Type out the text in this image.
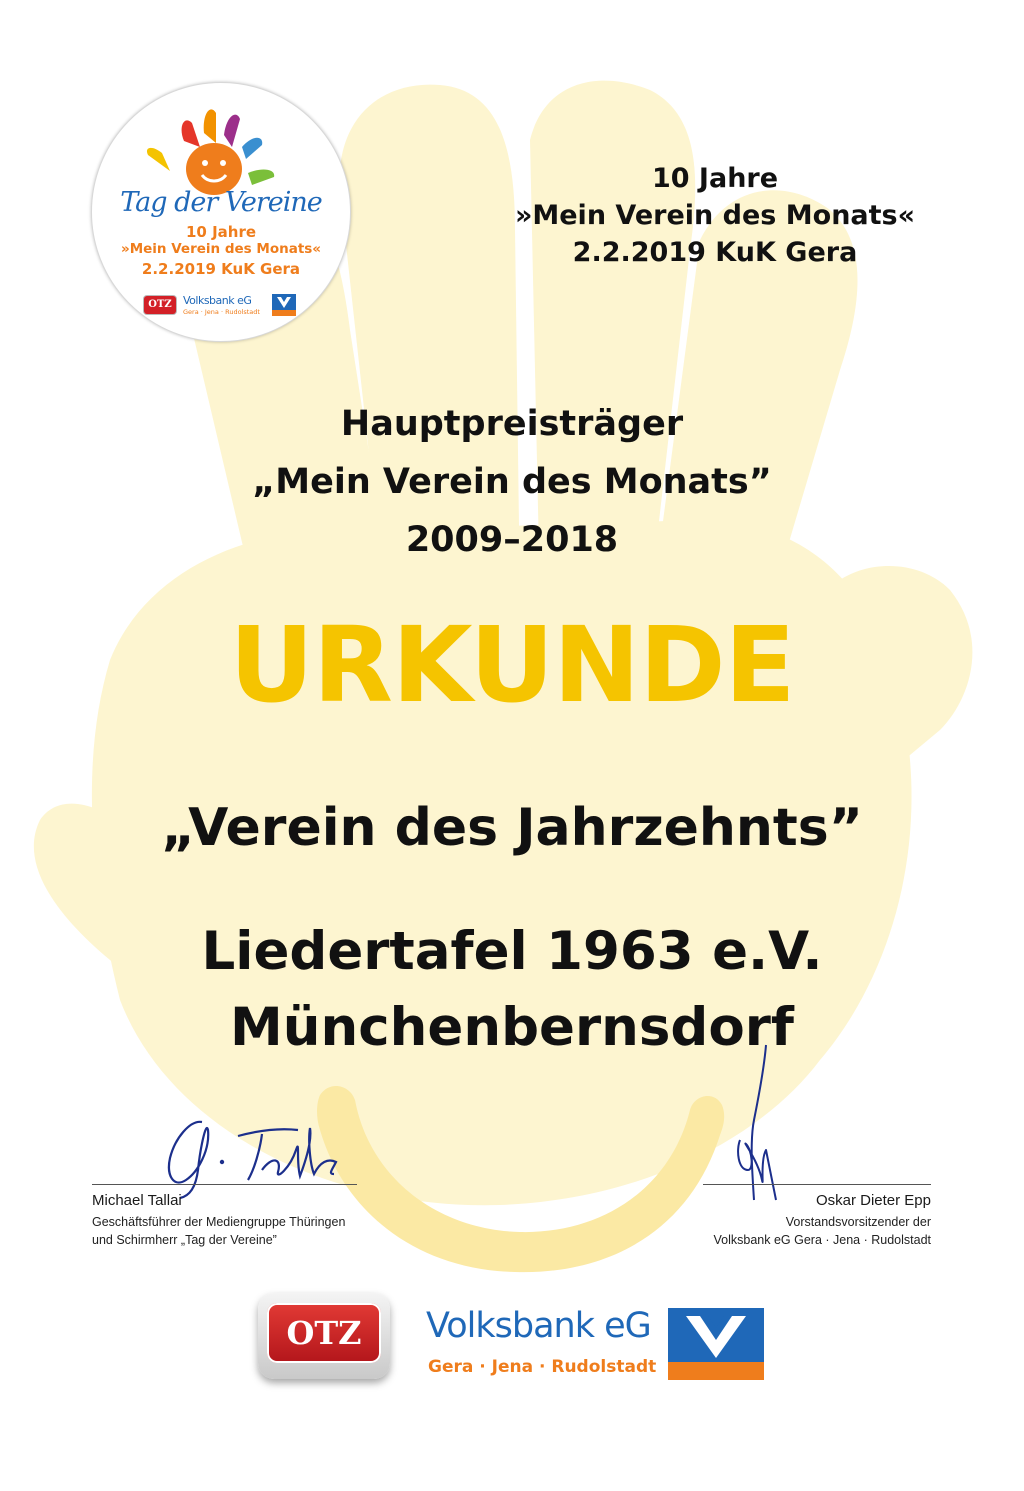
Tag der Vereine
10 Jahre
»Mein Verein des Monats«
2.2.2019 KuK Gera
OTZ	Volksbank eG
Gera · Jena · Rudolstadt
10 Jahre
»Mein Verein des Monats«
2.2.2019 KuK Gera
Hauptpreisträger
„Mein Verein des Monats”
2009–2018
URKUNDE
„Verein des Jahrzehnts”
Liedertafel 1963 e.V.
Münchenbernsdorf
Michael Tallai
Geschäftsführer der Mediengruppe Thüringen
und Schirmherr „Tag der Vereine”
Oskar Dieter Epp
Vorstandsvorsitzender der
Volksbank eG Gera · Jena · Rudolstadt
OTZ	Volksbank eG
Gera · Jena · Rudolstadt
